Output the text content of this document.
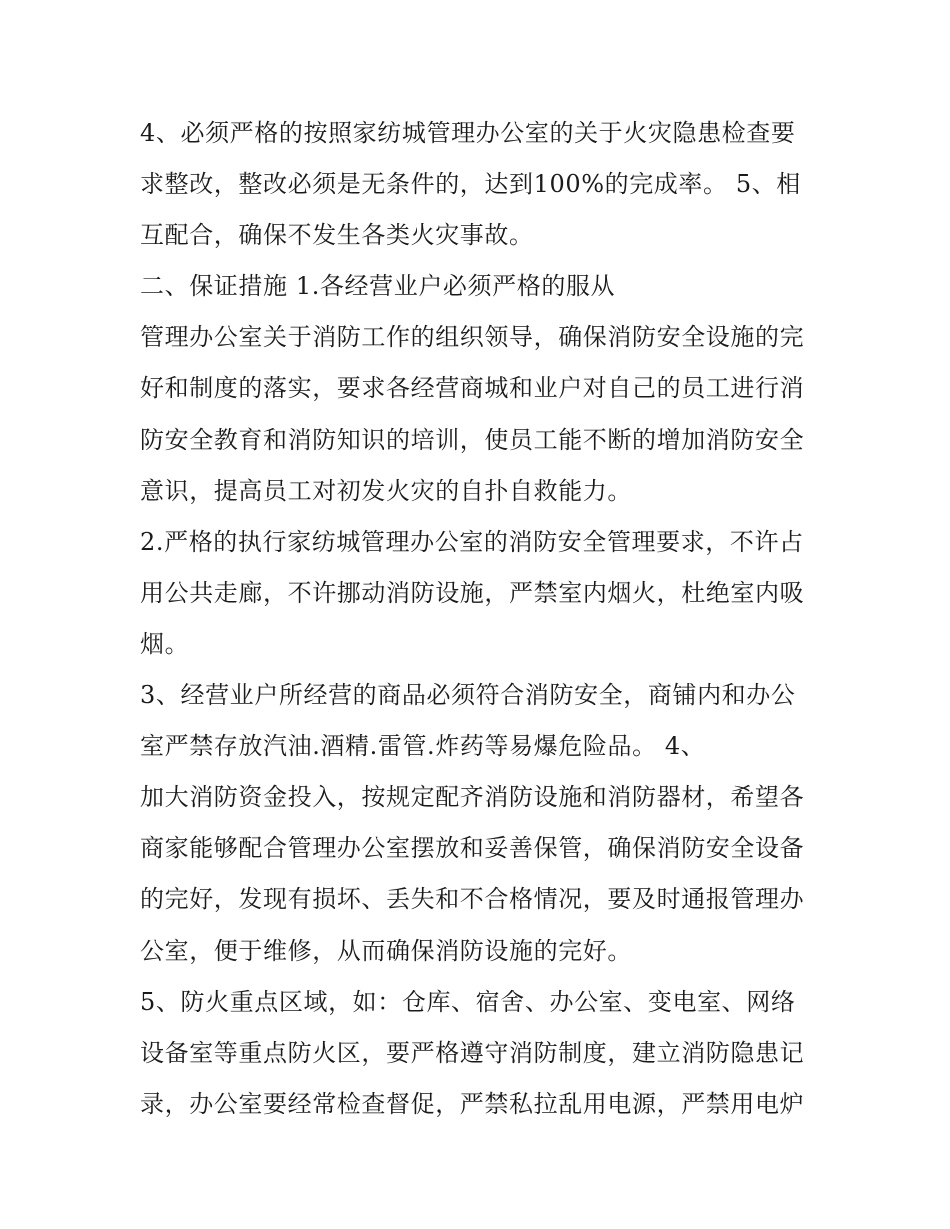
4、必须严格的按照家纺城管理办公室的关于火灾隐患检查要
求整改，整改必须是无条件的，达到100%的完成率。 5、相
互配合，确保不发生各类火灾事故。
二、保证措施 1.各经营业户必须严格的服从
管理办公室关于消防工作的组织领导，确保消防安全设施的完
好和制度的落实，要求各经营商城和业户对自己的员工进行消
防安全教育和消防知识的培训，使员工能不断的增加消防安全
意识，提高员工对初发火灾的自扑自救能力。
2.严格的执行家纺城管理办公室的消防安全管理要求，不许占
用公共走廊，不许挪动消防设施，严禁室内烟火，杜绝室内吸
烟。
3、经营业户所经营的商品必须符合消防安全，商铺内和办公
室严禁存放汽油.酒精.雷管.炸药等易爆危险品。 4、
加大消防资金投入，按规定配齐消防设施和消防器材，希望各
商家能够配合管理办公室摆放和妥善保管，确保消防安全设备
的完好，发现有损坏、丢失和不合格情况，要及时通报管理办
公室，便于维修，从而确保消防设施的完好。
5、防火重点区域，如：仓库、宿舍、办公室、变电室、网络
设备室等重点防火区，要严格遵守消防制度，建立消防隐患记
录，办公室要经常检查督促，严禁私拉乱用电源，严禁用电炉
